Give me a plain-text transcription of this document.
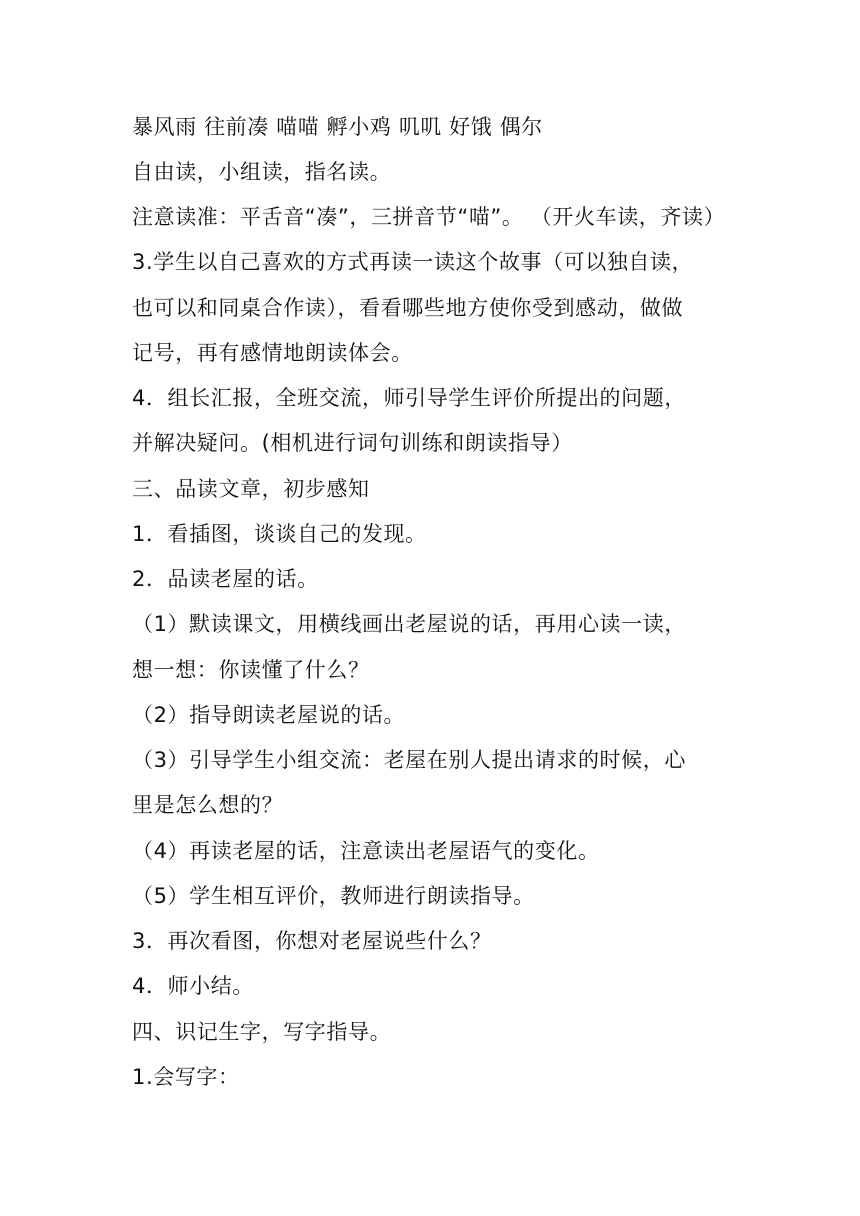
暴风雨 往前凑 喵喵 孵小鸡 叽叽 好饿 偶尔
自由读，小组读，指名读。
注意读准：平舌音“凑”，三拼音节“喵”。 （开火车读，齐读）
3.学生以自己喜欢的方式再读一读这个故事（可以独自读，
也可以和同桌合作读），看看哪些地方使你受到感动，做做
记号，再有感情地朗读体会。
4．组长汇报，全班交流，师引导学生评价所提出的问题，
并解决疑问。(相机进行词句训练和朗读指导）
三、品读文章，初步感知
1．看插图，谈谈自己的发现。
2．品读老屋的话。
（1）默读课文，用横线画出老屋说的话，再用心读一读，
想一想：你读懂了什么？
（2）指导朗读老屋说的话。
（3）引导学生小组交流：老屋在别人提出请求的时候，心
里是怎么想的？
（4）再读老屋的话，注意读出老屋语气的变化。
（5）学生相互评价，教师进行朗读指导。
3．再次看图，你想对老屋说些什么？
4．师小结。
四、识记生字，写字指导。
1.会写字：
